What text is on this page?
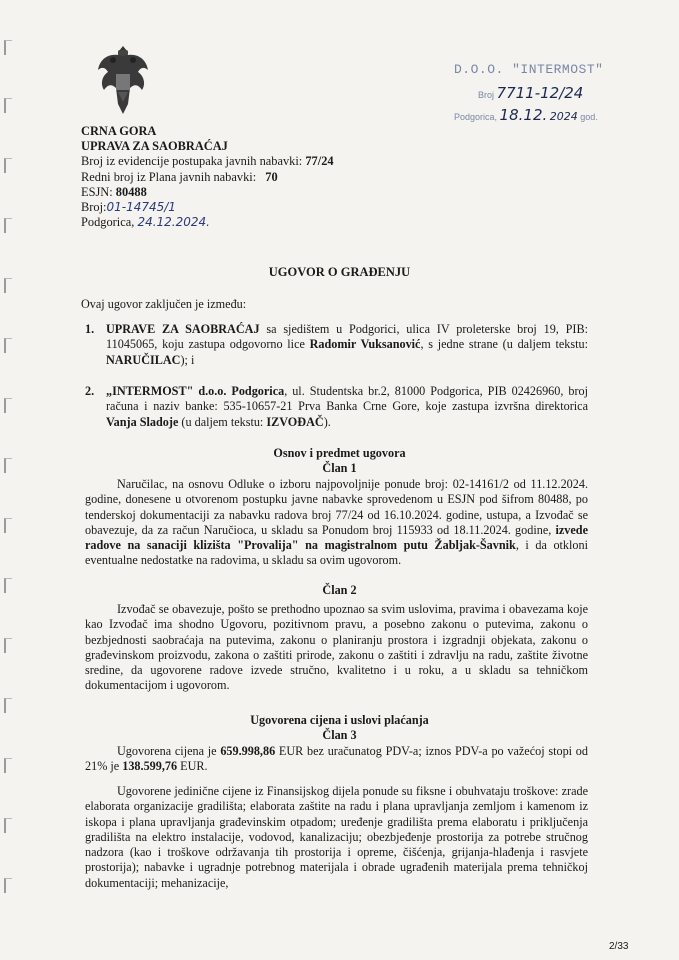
D.O.O. "INTERMOST"
Broj 7711-12/24
Podgorica, 18.12. 2024 god.
CRNA GORA
UPRAVA ZA SAOBRAĆAJ
Broj iz evidencije postupaka javnih nabavki: 77/24
Redni broj iz Plana javnih nabavki: 70
ESJN: 80488
Broj:01-14745/1
Podgorica, 24.12.2024.
UGOVOR O GRAĐENJU
Ovaj ugovor zaključen je između:
1. UPRAVE ZA SAOBRAĆAJ sa sjedištem u Podgorici, ulica IV proleterske broj 19, PIB: 11045065, koju zastupa odgovorno lice Radomir Vuksanović, s jedne strane (u daljem tekstu: NARUČILAC); i
2. „INTERMOST" d.o.o. Podgorica, ul. Studentska br.2, 81000 Podgorica, PIB 02426960, broj računa i naziv banke: 535-10657-21 Prva Banka Crne Gore, koje zastupa izvršna direktorica Vanja Sladoje (u daljem tekstu: IZVOĐAČ).
Osnov i predmet ugovora
Član 1
Naručilac, na osnovu Odluke o izboru najpovoljnije ponude broj: 02-14161/2 od 11.12.2024. godine, donesene u otvorenom postupku javne nabavke sprovedenom u ESJN pod šifrom 80488, po tenderskoj dokumentaciji za nabavku radova broj 77/24 od 16.10.2024. godine, ustupa, a Izvođač se obavezuje, da za račun Naručioca, u skladu sa Ponudom broj 115933 od 18.11.2024. godine, izvede radove na sanaciji klizišta "Provalija" na magistralnom putu Žabljak-Šavnik, i da otkloni eventualne nedostatke na radovima, u skladu sa ovim ugovorom.
Član 2
Izvođač se obavezuje, pošto se prethodno upoznao sa svim uslovima, pravima i obavezama koje kao Izvođač ima shodno Ugovoru, pozitivnom pravu, a posebno zakonu o putevima, zakonu o bezbjednosti saobraćaja na putevima, zakonu o planiranju prostora i izgradnji objekata, zakonu o građevinskom proizvodu, zakona o zaštiti prirode, zakonu o zaštiti i zdravlju na radu, zaštite životne sredine, da ugovorene radove izvede stručno, kvalitetno i u roku, a u skladu sa tehničkom dokumentacijom i ugovorom.
Ugovorena cijena i uslovi plaćanja
Član 3
Ugovorena cijena je 659.998,86 EUR bez uračunatog PDV-a; iznos PDV-a po važećoj stopi od 21% je 138.599,76 EUR.
Ugovorene jedinične cijene iz Finansijskog dijela ponude su fiksne i obuhvataju troškove: zrade elaborata organizacije gradilišta; elaborata zaštite na radu i plana upravljanja zemljom i kamenom iz iskopa i plana upravljanja građevinskim otpadom; uređenje gradilišta prema elaboratu i priključenja gradilišta na elektro instalacije, vodovod, kanalizaciju; obezbjeđenje prostorija za potrebe stručnog nadzora (kao i troškove održavanja tih prostorija i opreme, čišćenja, grijanja-hlađenja i rasvjete prostorija); nabavke i ugradnje potrebnog materijala i obrade ugrađenih materijala prema tehničkoj dokumentaciji; mehanizacije,
2/33
